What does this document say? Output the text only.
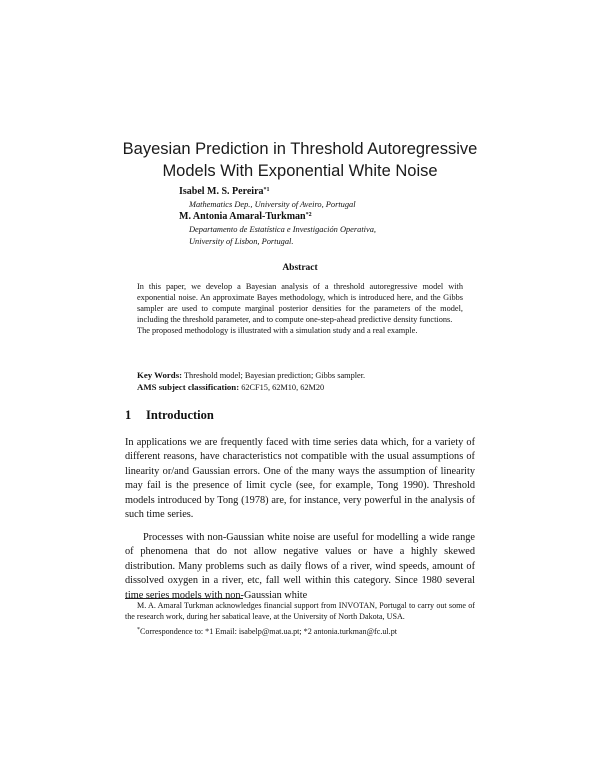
Bayesian Prediction in Threshold Autoregressive
Models With Exponential White Noise
Isabel M. S. Pereira$^{*1}$
Mathematics Dep., University of Aveiro, Portugal
M. Antonia Amaral-Turkman$^{*2}$
Departamento de Estatística e Investigación Operativa,
University of Lisbon, Portugal.
Abstract

In this paper, we develop a Bayesian analysis of a threshold autoregressive model with exponential noise. An approximate Bayes methodology, which is introduced here, and the Gibbs sampler are used to compute marginal posterior densities for the parameters of the model, including the threshold parameter, and to compute one-step-ahead predictive density functions.

The proposed methodology is illustrated with a simulation study and a real example.

Key Words: Threshold model; Bayesian prediction; Gibbs sampler.
AMS subject classification: 62CF15, 62M10, 62M20
1 Introduction

In applications we are frequently faced with time series data which, for a variety of different reasons, have characteristics not compatible with the usual assumptions of linearity or/and Gaussian errors. One of the many ways the assumption of linearity may fail is the presence of limit cycle (see, for example, Tong 1990). Threshold models introduced by Tong (1978) are, for instance, very powerful in the analysis of such time series.

Processes with non-Gaussian white noise are useful for modelling a wide range of phenomena that do not allow negative values or have a highly skewed distribution. Many problems such as daily flows of a river, wind speeds, amount of dissolved oxygen in a river, etc, fall well within this category. Since 1980 several time series models with non-Gaussian white

M. A. Amaral Turkman acknowledges financial support from INVOTAN, Portugal to carry out some of the research work, during her sabatical leave, at the University of North Dakota, USA.

*Correspondence to: *1 Email: isabelp@mat.ua.pt; *2 antonia.turkman@fc.ul.pt
